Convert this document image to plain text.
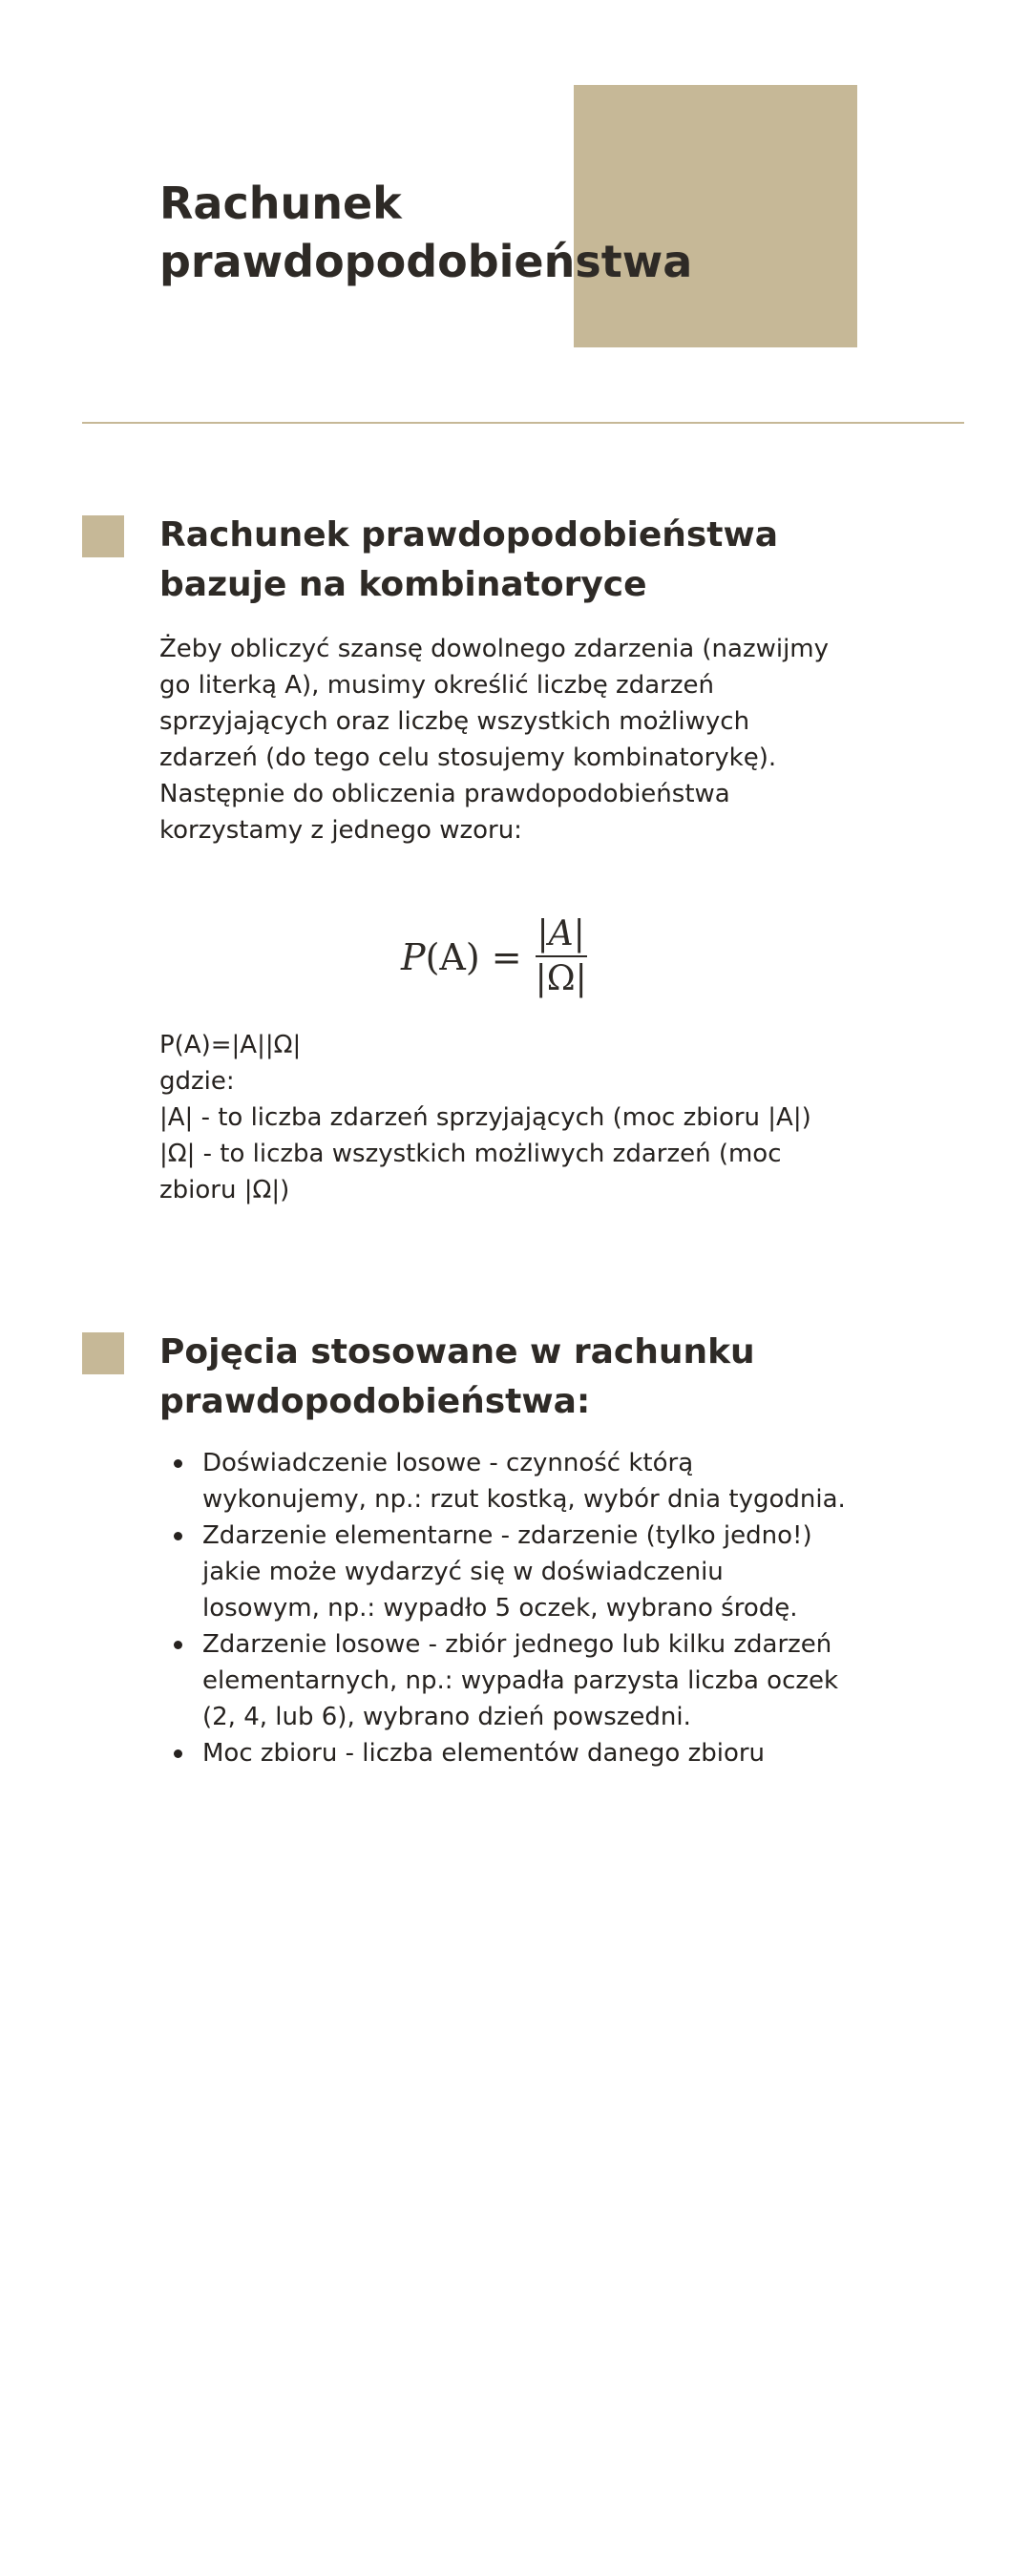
Rachunek
prawdopodobieństwa
Rachunek prawdopodobieństwa
bazuje na kombinatoryce

Żeby obliczyć szansę dowolnego zdarzenia (nazwijmy

go literką A), musimy określić liczbę zdarzeń

sprzyjających oraz liczbę wszystkich możliwych

zdarzeń (do tego celu stosujemy kombinatorykę).

Następnie do obliczenia prawdopodobieństwa

korzystamy z jednego wzoru:

$P(A) = \frac{|A|}{|\Omega|}$

P(A)=|A||Ω|

gdzie:

|A| - to liczba zdarzeń sprzyjających (moc zbioru |A|)

|Ω| - to liczba wszystkich możliwych zdarzeń (moc

zbioru |Ω|)

Pojęcia stosowane w rachunku
prawdopodobieństwa:
Doświadczenie losowe - czynność którą
wykonujemy, np.: rzut kostką, wybór dnia tygodnia.
Zdarzenie elementarne - zdarzenie (tylko jedno!)
jakie może wydarzyć się w doświadczeniu
losowym, np.: wypadło 5 oczek, wybrano środę.
Zdarzenie losowe - zbiór jednego lub kilku zdarzeń
elementarnych, np.: wypadła parzysta liczba oczek
(2, 4, lub 6), wybrano dzień powszedni.
Moc zbioru - liczba elementów danego zbioru
